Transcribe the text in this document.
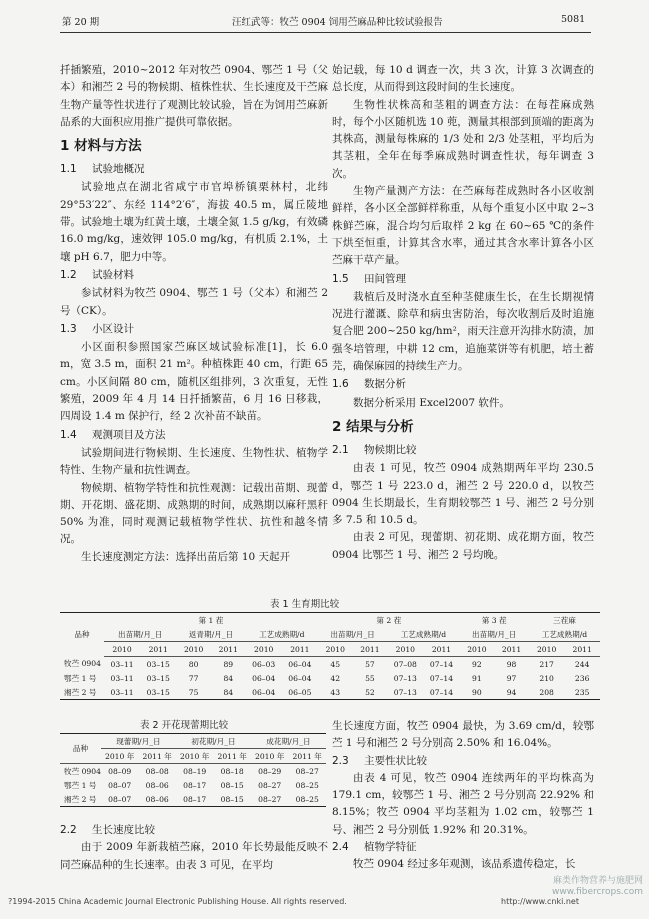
第 20 期	汪红武等：牧苎 0904 饲用苎麻品种比较试验报告	5081

扦插繁殖，2010~2012 年对牧苎 0904、鄂苎 1 号（父本）和湘苎 2 号的物候期、植株性状、生长速度及干苎麻生物产量等性状进行了观测比较试验，旨在为饲用苎麻新品系的大面积应用推广提供可靠依据。

1 材料与方法
1.1 试验地概况

试验地点在湖北省咸宁市官埠桥镇栗林村，北纬 29°53′22″、东经 114°2′6″，海拔 40.5 m，属丘陵地带。试验地土壤为红黄土壤，土壤全氮 1.5 g/kg，有效磷 16.0 mg/kg，速效钾 105.0 mg/kg，有机质 2.1%，土壤 pH 6.7，肥力中等。

1.2 试验材料

参试材料为牧苎 0904、鄂苎 1 号（父本）和湘苎 2 号（CK）。

1.3 小区设计

小区面积参照国家苎麻区域试验标准[1]，长 6.0 m，宽 3.5 m，面积 21 m²。种植株距 40 cm，行距 65 cm。小区间隔 80 cm，随机区组排列，3 次重复，无性繁殖，2009 年 4 月 14 日扦插繁苗，6 月 16 日移栽，四周设 1.4 m 保护行，经 2 次补苗不缺苗。

1.4 观测项目及方法

试验期间进行物候期、生长速度、生物性状、植物学特性、生物产量和抗性调查。

物候期、植物学特性和抗性观测：记载出苗期、现蕾期、开花期、盛花期、成熟期的时间，成熟期以麻秆黑秆 50% 为准，同时观测记载植物学性状、抗性和越冬情况。

生长速度测定方法：选择出苗后第 10 天起开

始记载，每 10 d 调查一次，共 3 次，计算 3 次调查的总长度，从而得到这段时间的生长速度。

生物性状株高和茎粗的调查方法：在每茬麻成熟时，每个小区随机选 10 蔸，测量其根部到顶端的距离为其株高，测量每株麻的 1/3 处和 2/3 处茎粗，平均后为其茎粗，全年在每季麻成熟时调查性状，每年调查 3 次。

生物产量测产方法：在苎麻每茬成熟时各小区收割鲜样，各小区全部鲜样称重，从每个重复小区中取 2~3 株鲜苎麻，混合均匀后取样 2 kg 在 60~65 ℃的条件下烘至恒重，计算其含水率，通过其含水率计算各小区苎麻干草产量。

1.5 田间管理

栽植后及时浇水直至种茎健康生长，在生长期视情况进行灌溉、除草和病虫害防治，每次收割后及时追施复合肥 200~250 kg/hm²，雨天注意开沟排水防渍，加强冬培管理，中耕 12 cm，追施菜饼等有机肥，培土蓄芫，确保麻园的持续生产力。

1.6 数据分析

数据分析采用 Excel2007 软件。

2 结果与分析
2.1 物候期比较

由表 1 可见，牧苎 0904 成熟期两年平均 230.5 d，鄂苎 1 号 223.0 d，湘苎 2 号 220.0 d，以牧苎 0904 生长期最长，生育期较鄂苎 1 号、湘苎 2 号分别多 7.5 和 10.5 d。

由表 2 可见，现蕾期、初花期、成花期方面，牧苎 0904 比鄂苎 1 号、湘苎 2 号均晚。

表 1 生育期比较
品种	第 1 茬						第 2 茬				第 3 茬		三茬麻	
	出苗期/月_日		返青期/月_日		工艺成熟期/d		出苗期/月_日		工艺成熟期/d		出苗期/月_日		工艺成熟期/d	
	2010	2011	2010	2011	2010	2011	2010	2011	2010	2011	2010	2011	2010	2011
牧苎 0904	03–11	03–15	80	89	06–03	06–04	45	57	07–08	07–14	92	98	217	244
鄂苎 1 号	03–11	03–15	77	84	06–04	06–04	42	55	07–13	07–14	91	97	210	236
湘苎 2 号	03–11	03–15	75	84	06–04	06–05	43	52	07–13	07–14	90	94	208	235
表 2 开花现蕾期比较
品种	现蕾期/月_日		初花期/月_日		成花期/月_日	
	2010 年	2011 年	2010 年	2011 年	2010 年	2011 年
牧苎 0904	08–09	08–08	08–19	08–18	08–29	08–27
鄂苎 1 号	08–07	08–06	08–17	08–15	08–27	08–25
湘苎 2 号	08–07	08–06	08–17	08–15	08–27	08–25
2.2 生长速度比较

由于 2009 年新栽植苎麻，2010 年长势最能反映不同苎麻品种的生长速率。由表 3 可见，在平均

生长速度方面，牧苎 0904 最快，为 3.69 cm/d，较鄂苎 1 号和湘苎 2 号分别高 2.50% 和 16.04%。

2.3 主要性状比较

由表 4 可见，牧苎 0904 连续两年的平均株高为 179.1 cm，较鄂苎 1 号、湘苎 2 号分别高 22.92% 和 8.15%；牧苎 0904 平均茎粗为 1.02 cm，较鄂苎 1 号、湘苎 2 号分别低 1.92% 和 20.31%。

2.4 植物学特征

牧苎 0904 经过多年观测，该品系遗传稳定，长

?1994-2015 China Academic Journal Electronic Publishing House. All rights reserved.	http://www.cnki.net
麻类作物营养与施肥网
www.fibercrops.com
